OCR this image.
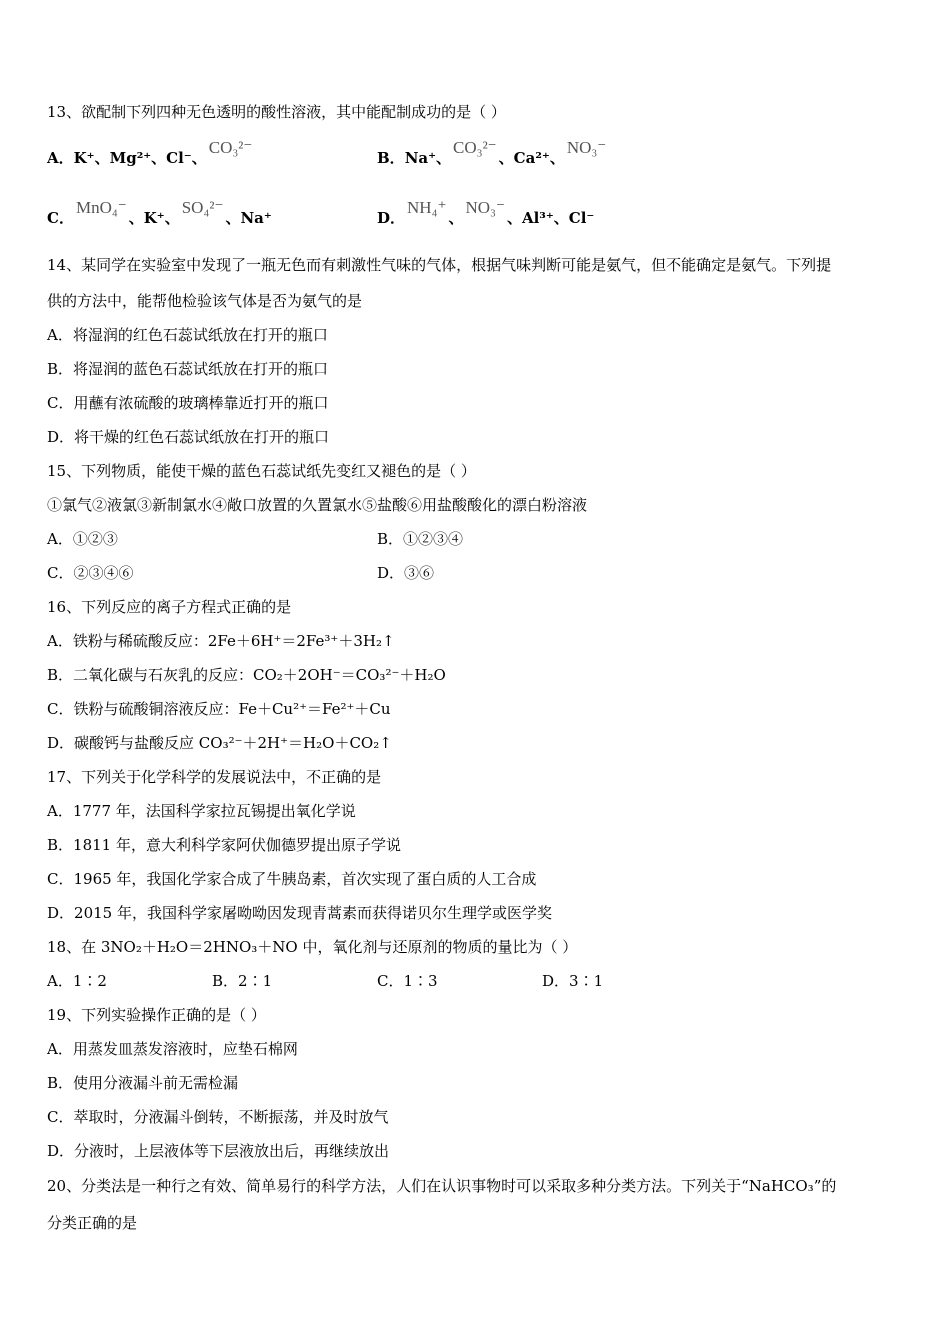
13、欲配制下列四种无色透明的酸性溶液，其中能配制成功的是（ ）
A．K⁺、Mg²⁺、Cl⁻、CO₃²⁻
B．Na⁺、CO₃²⁻、Ca²⁺、NO₃⁻
C．MnO₄⁻、K⁺、SO₄²⁻、Na⁺	D．NH₄⁺、NO₃⁻、Al³⁺、Cl⁻
14、某同学在实验室中发现了一瓶无色而有刺激性气味的气体，根据气味判断可能是氨气，但不能确定是氨气。下列提
供的方法中，能帮他检验该气体是否为氨气的是
A．将湿润的红色石蕊试纸放在打开的瓶口
B．将湿润的蓝色石蕊试纸放在打开的瓶口
C．用蘸有浓硫酸的玻璃棒靠近打开的瓶口
D．将干燥的红色石蕊试纸放在打开的瓶口
15、下列物质，能使干燥的蓝色石蕊试纸先变红又褪色的是（ ）
①氯气②液氯③新制氯水④敞口放置的久置氯水⑤盐酸⑥用盐酸酸化的漂白粉溶液
A．①②③	B．①②③④
C．②③④⑥	D．③⑥
16、下列反应的离子方程式正确的是
A．铁粉与稀硫酸反应：2Fe＋6H⁺＝2Fe³⁺＋3H₂↑
B．二氧化碳与石灰乳的反应：CO₂＋2OH⁻＝CO₃²⁻＋H₂O
C．铁粉与硫酸铜溶液反应：Fe＋Cu²⁺＝Fe²⁺＋Cu
D．碳酸钙与盐酸反应 CO₃²⁻＋2H⁺＝H₂O＋CO₂↑
17、下列关于化学科学的发展说法中，不正确的是
A．1777 年，法国科学家拉瓦锡提出氧化学说
B．1811 年，意大利科学家阿伏伽德罗提出原子学说
C．1965 年，我国化学家合成了牛胰岛素，首次实现了蛋白质的人工合成
D．2015 年，我国科学家屠呦呦因发现青蒿素而获得诺贝尔生理学或医学奖
18、在 3NO₂＋H₂O＝2HNO₃＋NO 中，氧化剂与还原剂的物质的量比为（ ）
A．1∶2	B．2∶1	C．1∶3	D．3∶1
19、下列实验操作正确的是（ ）
A．用蒸发皿蒸发溶液时，应垫石棉网
B．使用分液漏斗前无需检漏
C．萃取时，分液漏斗倒转，不断振荡，并及时放气
D．分液时，上层液体等下层液放出后，再继续放出
20、分类法是一种行之有效、简单易行的科学方法，人们在认识事物时可以采取多种分类方法。下列关于“NaHCO₃”的
分类正确的是
